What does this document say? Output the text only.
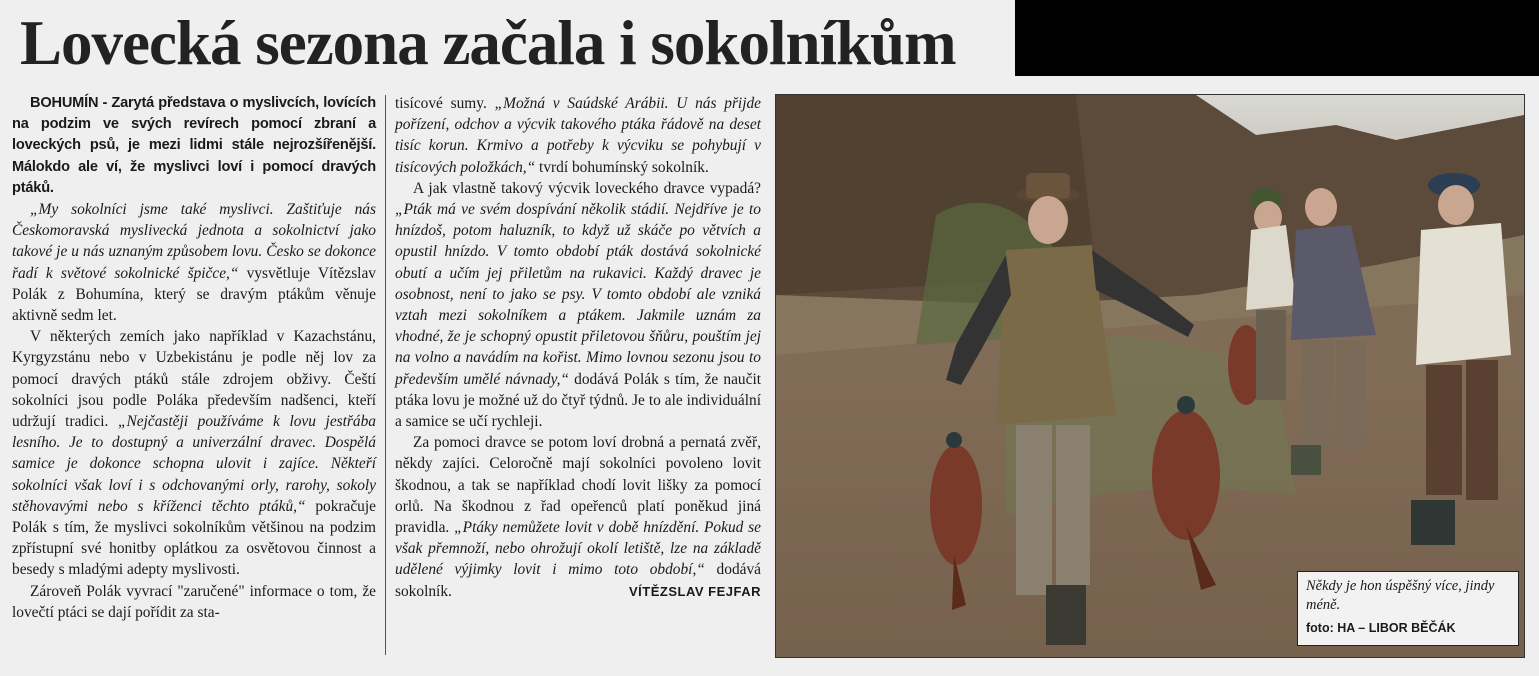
Lovecká sezona začala i sokolníkům
BOHUMÍN - Zarytá představa o myslivcích, lovících na podzim ve svých revírech pomocí zbraní a loveckých psů, je mezi lidmi stále nejrozšířenější. Málokdo ale ví, že myslivci loví i pomocí dravých ptáků.

„My sokolníci jsme také myslivci. Zaštiťuje nás Českomoravská myslivecká jednota a sokolnictví jako takové je u nás uznaným způsobem lovu. Česko se dokonce řadí k světové sokolnické špičce,“ vysvětluje Vítězslav Polák z Bohumína, který se dravým ptákům věnuje aktivně sedm let.

V některých zemích jako například v Kazachstánu, Kyrgyzstánu nebo v Uzbekistánu je podle něj lov za pomocí dravých ptáků stále zdrojem obživy. Čeští sokolníci jsou podle Poláka především nadšenci, kteří udržují tradici. „Nejčastěji používáme k lovu jestřába lesního. Je to dostupný a univerzální dravec. Dospělá samice je dokonce schopna ulovit i zajíce. Někteří sokolníci však loví i s odchovanými orly, rarohy, sokoly stěhovavými nebo s kříženci těchto ptáků,“ pokračuje Polák s tím, že myslivci sokolníkům většinou na podzim zpřístupní své honitby oplátkou za osvětovou činnost a besedy s mladými adepty myslivosti.

Zároveň Polák vyvrací "zaručené" informace o tom, že lovečtí ptáci se dají pořídit za sta-

tisícové sumy. „Možná v Saúdské Arábii. U nás přijde pořízení, odchov a výcvik takového ptáka řádově na deset tisíc korun. Krmivo a potřeby k výcviku se pohybují v tisícových položkách,“ tvrdí bohumínský sokolník.

A jak vlastně takový výcvik loveckého dravce vypadá? „Pták má ve svém dospívání několik stádií. Nejdříve je to hnízdoš, potom haluzník, to když už skáče po větvích a opustil hnízdo. V tomto období pták dostává sokolnické obutí a učím jej přiletům na rukavici. Každý dravec je osobnost, není to jako se psy. V tomto období ale vzniká vztah mezi sokolníkem a ptákem. Jakmile uznám za vhodné, že je schopný opustit přiletovou šňůru, pouštím jej na volno a navádím na kořist. Mimo lovnou sezonu jsou to především umělé návnady,“ dodává Polák s tím, že naučit ptáka lovu je možné už do čtyř týdnů. Je to ale individuální a samice se učí rychleji.

Za pomoci dravce se potom loví drobná a pernatá zvěř, někdy zajíci. Celoročně mají sokolníci povoleno lovit škodnou, a tak se například chodí lovit lišky za pomocí orlů. Na škodnou z řad opeřenců platí poněkud jiná pravidla. „Ptáky nemůžete lovit v době hnízdění. Pokud se však přemnoží, nebo ohrožují okolí letiště, lze na základě udělené výjimky lovit i mimo toto období,“ dodává sokolník.	VÍTĚZSLAV FEJFAR	Někdy je hon úspěšný více, jindy méně.
foto: HA – LIBOR BĚČÁK
